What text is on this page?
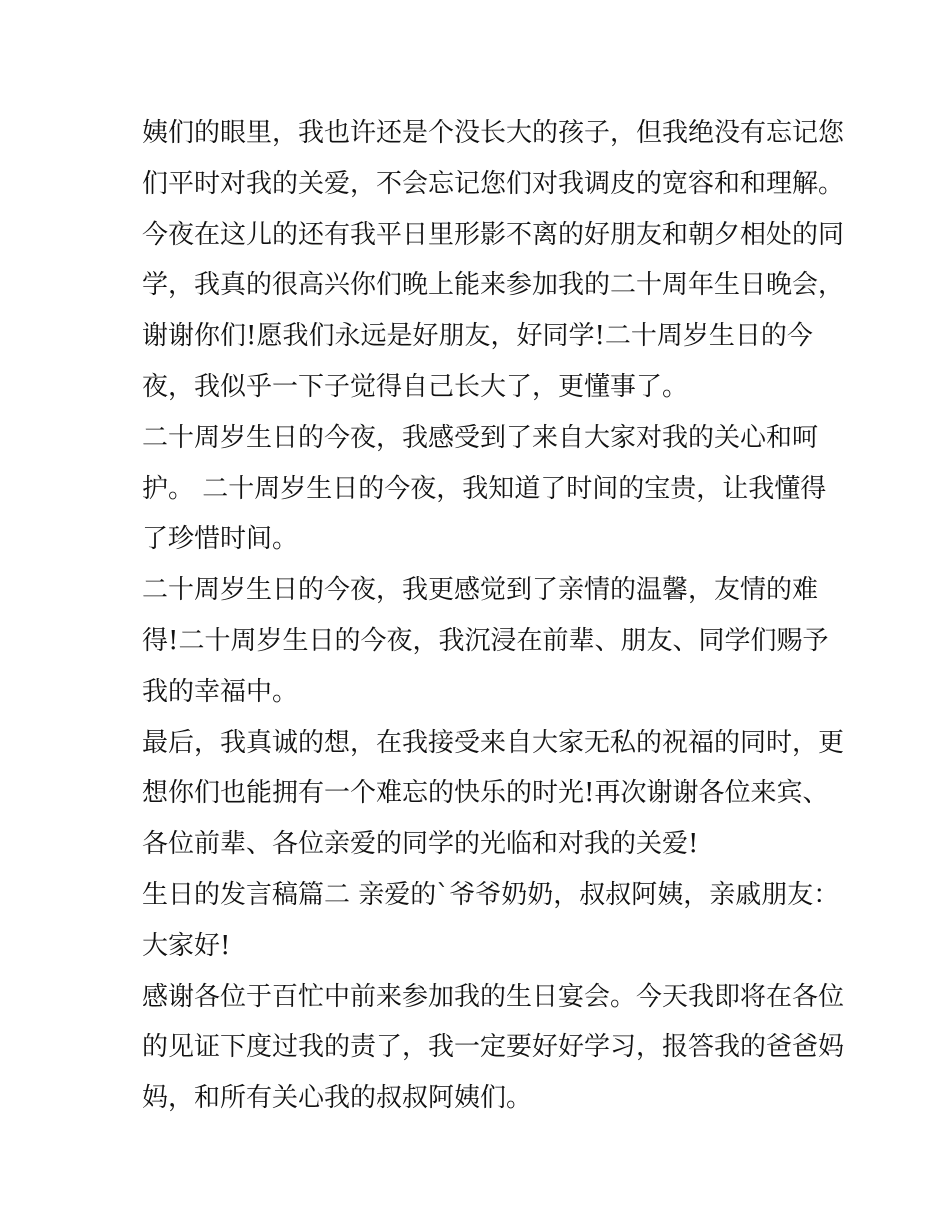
姨们的眼里，我也许还是个没长大的孩子，但我绝没有忘记您
们平时对我的关爱，不会忘记您们对我调皮的宽容和和理解。
今夜在这儿的还有我平日里形影不离的好朋友和朝夕相处的同
学，我真的很高兴你们晚上能来参加我的二十周年生日晚会，
谢谢你们!愿我们永远是好朋友，好同学!二十周岁生日的今
夜，我似乎一下子觉得自己长大了，更懂事了。
二十周岁生日的今夜，我感受到了来自大家对我的关心和呵
护。 二十周岁生日的今夜，我知道了时间的宝贵，让我懂得
了珍惜时间。
二十周岁生日的今夜，我更感觉到了亲情的温馨，友情的难
得!二十周岁生日的今夜，我沉浸在前辈、朋友、同学们赐予
我的幸福中。
最后，我真诚的想，在我接受来自大家无私的祝福的同时，更
想你们也能拥有一个难忘的快乐的时光!再次谢谢各位来宾、
各位前辈、各位亲爱的同学的光临和对我的关爱!
生日的发言稿篇二 亲爱的`爷爷奶奶，叔叔阿姨，亲戚朋友：
大家好!
感谢各位于百忙中前来参加我的生日宴会。今天我即将在各位
的见证下度过我的责了，我一定要好好学习，报答我的爸爸妈
妈，和所有关心我的叔叔阿姨们。
